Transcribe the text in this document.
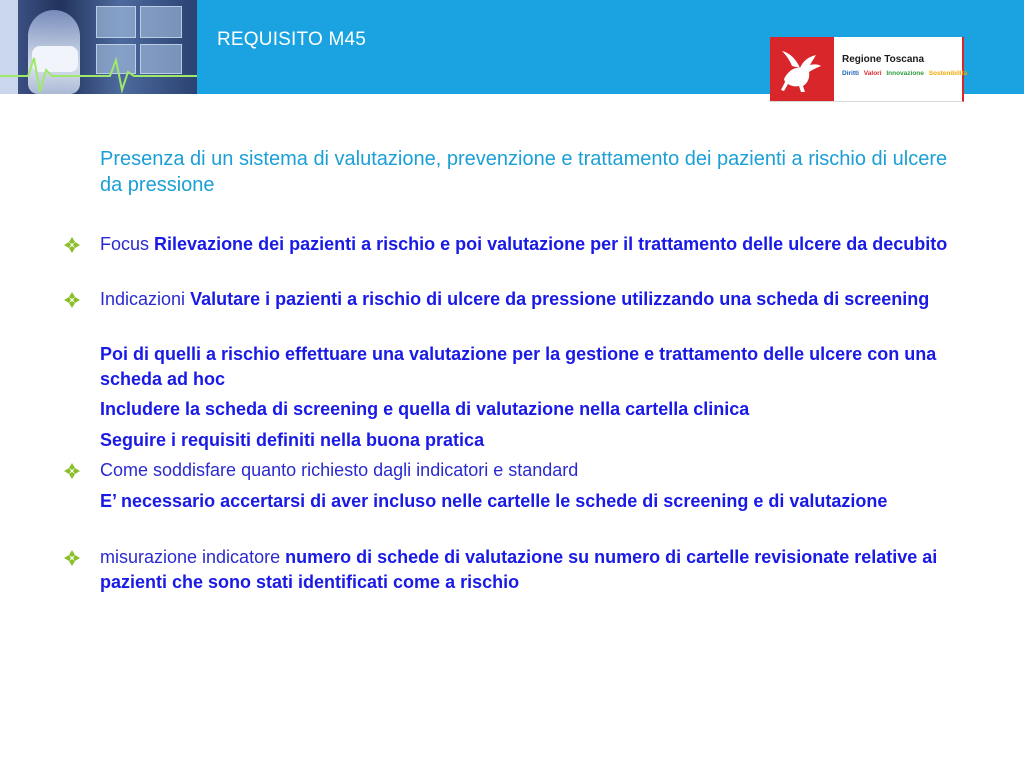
REQUISITO M45
Regione Toscana
Diritti Valori Innovazione Sostenibilità
Presenza di un sistema di valutazione, prevenzione e trattamento dei pazienti a rischio di ulcere da pressione
Focus Rilevazione dei pazienti a rischio e poi valutazione per il trattamento delle ulcere da decubito
Indicazioni Valutare i pazienti a rischio di ulcere da pressione utilizzando una scheda di screening
Poi di quelli a rischio effettuare una valutazione per la gestione e trattamento delle ulcere con una scheda ad hoc
Includere la scheda di screening e quella di valutazione nella cartella clinica
Seguire i requisiti definiti nella buona pratica
Come soddisfare quanto richiesto dagli indicatori e standard
E’ necessario accertarsi di aver incluso nelle cartelle le schede di screening e di valutazione
misurazione indicatore numero di schede di valutazione su numero di cartelle revisionate relative ai pazienti che sono stati identificati come a rischio
